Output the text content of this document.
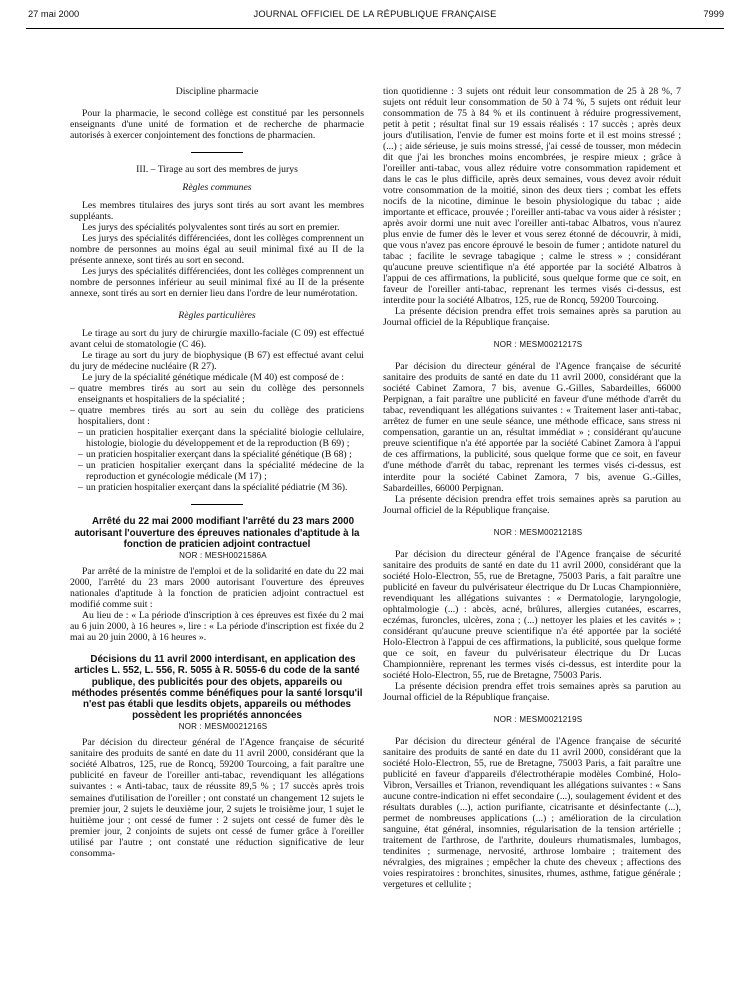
27 mai 2000	JOURNAL OFFICIEL DE LA RÉPUBLIQUE FRANÇAISE	7999

Discipline pharmacie

Pour la pharmacie, le second collège est constitué par les personnels enseignants d'une unité de formation et de recherche de pharmacie autorisés à exercer conjointement des fonctions de pharmacien.

III. – Tirage au sort des membres de jurys

Règles communes

Les membres titulaires des jurys sont tirés au sort avant les membres suppléants.

Les jurys des spécialités polyvalentes sont tirés au sort en premier.

Les jurys des spécialités différenciées, dont les collèges comprennent un nombre de personnes au moins égal au seuil minimal fixé au II de la présente annexe, sont tirés au sort en second.

Les jurys des spécialités différenciées, dont les collèges comprennent un nombre de personnes inférieur au seuil minimal fixé au II de la présente annexe, sont tirés au sort en dernier lieu dans l'ordre de leur numérotation.

Règles particulières

Le tirage au sort du jury de chirurgie maxillo-faciale (C 09) est effectué avant celui de stomatologie (C 46).

Le tirage au sort du jury de biophysique (B 67) est effectué avant celui du jury de médecine nucléaire (R 27).

Le jury de la spécialité génétique médicale (M 40) est composé de :

– quatre membres tirés au sort au sein du collège des personnels enseignants et hospitaliers de la spécialité ;
– quatre membres tirés au sort au sein du collège des praticiens hospitaliers, dont :
– un praticien hospitalier exerçant dans la spécialité biologie cellulaire, histologie, biologie du développement et de la reproduction (B 69) ;
– un praticien hospitalier exerçant dans la spécialité génétique (B 68) ;
– un praticien hospitalier exerçant dans la spécialité médecine de la reproduction et gynécologie médicale (M 17) ;
– un praticien hospitalier exerçant dans la spécialité pédiatrie (M 36).

Arrêté du 22 mai 2000 modifiant l'arrêté du 23 mars 2000 autorisant l'ouverture des épreuves nationales d'aptitude à la fonction de praticien adjoint contractuel

NOR : MESH0021586A

Par arrêté de la ministre de l'emploi et de la solidarité en date du 22 mai 2000, l'arrêté du 23 mars 2000 autorisant l'ouverture des épreuves nationales d'aptitude à la fonction de praticien adjoint contractuel est modifié comme suit :

Au lieu de : « La période d'inscription à ces épreuves est fixée du 2 mai au 6 juin 2000, à 16 heures », lire : « La période d'inscription est fixée du 2 mai au 20 juin 2000, à 16 heures ».

Décisions du 11 avril 2000 interdisant, en application des articles L. 552, L. 556, R. 5055 à R. 5055-6 du code de la santé publique, des publicités pour des objets, appareils ou méthodes présentés comme bénéfiques pour la santé lorsqu'il n'est pas établi que lesdits objets, appareils ou méthodes possèdent les propriétés annoncées

NOR : MESM0021216S

Par décision du directeur général de l'Agence française de sécurité sanitaire des produits de santé en date du 11 avril 2000, considérant que la société Albatros, 125, rue de Roncq, 59200 Tourcoing, a fait paraître une publicité en faveur de l'oreiller anti-tabac, revendiquant les allégations suivantes : « Anti-tabac, taux de réussite 89,5 % ; 17 succès après trois semaines d'utilisation de l'oreiller ; ont constaté un changement 12 sujets le premier jour, 2 sujets le deuxième jour, 2 sujets le troisième jour, 1 sujet le huitième jour ; ont cessé de fumer : 2 sujets ont cessé de fumer dès le premier jour, 2 conjoints de sujets ont cessé de fumer grâce à l'oreiller utilisé par l'autre ; ont constaté une réduction significative de leur consomma-

tion quotidienne : 3 sujets ont réduit leur consommation de 25 à 28 %, 7 sujets ont réduit leur consommation de 50 à 74 %, 5 sujets ont réduit leur consommation de 75 à 84 % et ils continuent à réduire progressivement, petit à petit ; résultat final sur 19 essais réalisés : 17 succès ; après deux jours d'utilisation, l'envie de fumer est moins forte et il est moins stressé ; (...) ; aide sérieuse, je suis moins stressé, j'ai cessé de tousser, mon médecin dit que j'ai les bronches moins encombrées, je respire mieux ; grâce à l'oreiller anti-tabac, vous allez réduire votre consommation rapidement et dans le cas le plus difficile, après deux semaines, vous devez avoir réduit votre consommation de la moitié, sinon des deux tiers ; combat les effets nocifs de la nicotine, diminue le besoin physiologique du tabac ; aide importante et efficace, prouvée ; l'oreiller anti-tabac va vous aider à résister ; après avoir dormi une nuit avec l'oreiller anti-tabac Albatros, vous n'aurez plus envie de fumer dès le lever et vous serez étonné de découvrir, à midi, que vous n'avez pas encore éprouvé le besoin de fumer ; antidote naturel du tabac ; facilite le sevrage tabagique ; calme le stress » ; considérant qu'aucune preuve scientifique n'a été apportée par la société Albatros à l'appui de ces affirmations, la publicité, sous quelque forme que ce soit, en faveur de l'oreiller anti-tabac, reprenant les termes visés ci-dessus, est interdite pour la société Albatros, 125, rue de Roncq, 59200 Tourcoing.

La présente décision prendra effet trois semaines après sa parution au Journal officiel de la République française.

NOR : MESM0021217S

Par décision du directeur général de l'Agence française de sécurité sanitaire des produits de santé en date du 11 avril 2000, considérant que la société Cabinet Zamora, 7 bis, avenue G.-Gilles, Sabardeilles, 66000 Perpignan, a fait paraître une publicité en faveur d'une méthode d'arrêt du tabac, revendiquant les allégations suivantes : « Traitement laser anti-tabac, arrêtez de fumer en une seule séance, une méthode efficace, sans stress ni compensation, garantie un an, résultat immédiat » ; considérant qu'aucune preuve scientifique n'a été apportée par la société Cabinet Zamora à l'appui de ces affirmations, la publicité, sous quelque forme que ce soit, en faveur d'une méthode d'arrêt du tabac, reprenant les termes visés ci-dessus, est interdite pour la société Cabinet Zamora, 7 bis, avenue G.-Gilles, Sabardeilles, 66000 Perpignan.

La présente décision prendra effet trois semaines après sa parution au Journal officiel de la République française.

NOR : MESM0021218S

Par décision du directeur général de l'Agence française de sécurité sanitaire des produits de santé en date du 11 avril 2000, considérant que la société Holo-Electron, 55, rue de Bretagne, 75003 Paris, a fait paraître une publicité en faveur du pulvérisateur électrique du Dr Lucas Championnière, revendiquant les allégations suivantes : « Dermatologie, laryngologie, ophtalmologie (...) : abcès, acné, brûlures, allergies cutanées, escarres, eczémas, furoncles, ulcères, zona ; (...) nettoyer les plaies et les cavités » ; considérant qu'aucune preuve scientifique n'a été apportée par la société Holo-Electron à l'appui de ces affirmations, la publicité, sous quelque forme que ce soit, en faveur du pulvérisateur électrique du Dr Lucas Championnière, reprenant les termes visés ci-dessus, est interdite pour la société Holo-Electron, 55, rue de Bretagne, 75003 Paris.

La présente décision prendra effet trois semaines après sa parution au Journal officiel de la République française.

NOR : MESM0021219S

Par décision du directeur général de l'Agence française de sécurité sanitaire des produits de santé en date du 11 avril 2000, considérant que la société Holo-Electron, 55, rue de Bretagne, 75003 Paris, a fait paraître une publicité en faveur d'appareils d'électrothérapie modèles Combiné, Holo-Vibron, Versailles et Trianon, revendiquant les allégations suivantes : « Sans aucune contre-indication ni effet secondaire (...), soulagement évident et des résultats durables (...), action purifiante, cicatrisante et désinfectante (...), permet de nombreuses applications (...) ; amélioration de la circulation sanguine, état général, insomnies, régularisation de la tension artérielle ; traitement de l'arthrose, de l'arthrite, douleurs rhumatismales, lumbagos, tendinites ; surmenage, nervosité, arthrose lombaire ; traitement des névralgies, des migraines ; empêcher la chute des cheveux ; affections des voies respiratoires : bronchites, sinusites, rhumes, asthme, fatigue générale ; vergetures et cellulite ;
